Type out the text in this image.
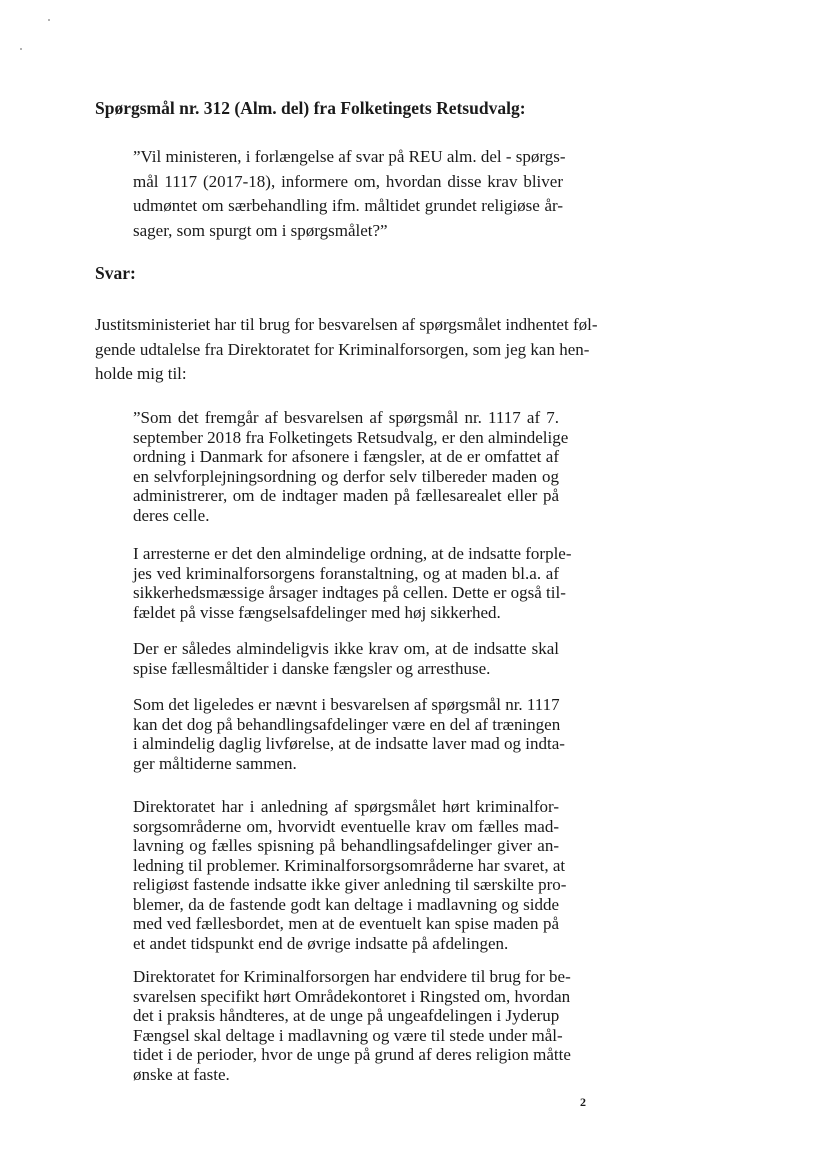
Spørgsmål nr. 312 (Alm. del) fra Folketingets Retsudvalg:
”Vil ministeren, i forlængelse af svar på REU alm. del - spørgs-
mål 1117 (2017-18), informere om, hvordan disse krav bliver
udmøntet om særbehandling ifm. måltidet grundet religiøse år-
sager, som spurgt om i spørgsmålet?”
Svar:
Justitsministeriet har til brug for besvarelsen af spørgsmålet indhentet føl-
gende udtalelse fra Direktoratet for Kriminalforsorgen, som jeg kan hen-
holde mig til:
”Som det fremgår af besvarelsen af spørgsmål nr. 1117 af 7.
september 2018 fra Folketingets Retsudvalg, er den almindelige
ordning i Danmark for afsonere i fængsler, at de er omfattet af
en selvforplejningsordning og derfor selv tilbereder maden og
administrerer, om de indtager maden på fællesarealet eller på
deres celle.
I arresterne er det den almindelige ordning, at de indsatte forple-
jes ved kriminalforsorgens foranstaltning, og at maden bl.a. af
sikkerhedsmæssige årsager indtages på cellen. Dette er også til-
fældet på visse fængselsafdelinger med høj sikkerhed.
Der er således almindeligvis ikke krav om, at de indsatte skal
spise fællesmåltider i danske fængsler og arresthuse.
Som det ligeledes er nævnt i besvarelsen af spørgsmål nr. 1117
kan det dog på behandlingsafdelinger være en del af træningen
i almindelig daglig livførelse, at de indsatte laver mad og indta-
ger måltiderne sammen.
Direktoratet har i anledning af spørgsmålet hørt kriminalfor-
sorgsområderne om, hvorvidt eventuelle krav om fælles mad-
lavning og fælles spisning på behandlingsafdelinger giver an-
ledning til problemer. Kriminalforsorgsområderne har svaret, at
religiøst fastende indsatte ikke giver anledning til særskilte pro-
blemer, da de fastende godt kan deltage i madlavning og sidde
med ved fællesbordet, men at de eventuelt kan spise maden på
et andet tidspunkt end de øvrige indsatte på afdelingen.
Direktoratet for Kriminalforsorgen har endvidere til brug for be-
svarelsen specifikt hørt Områdekontoret i Ringsted om, hvordan
det i praksis håndteres, at de unge på ungeafdelingen i Jyderup
Fængsel skal deltage i madlavning og være til stede under mål-
tidet i de perioder, hvor de unge på grund af deres religion måtte
ønske at faste.
2
